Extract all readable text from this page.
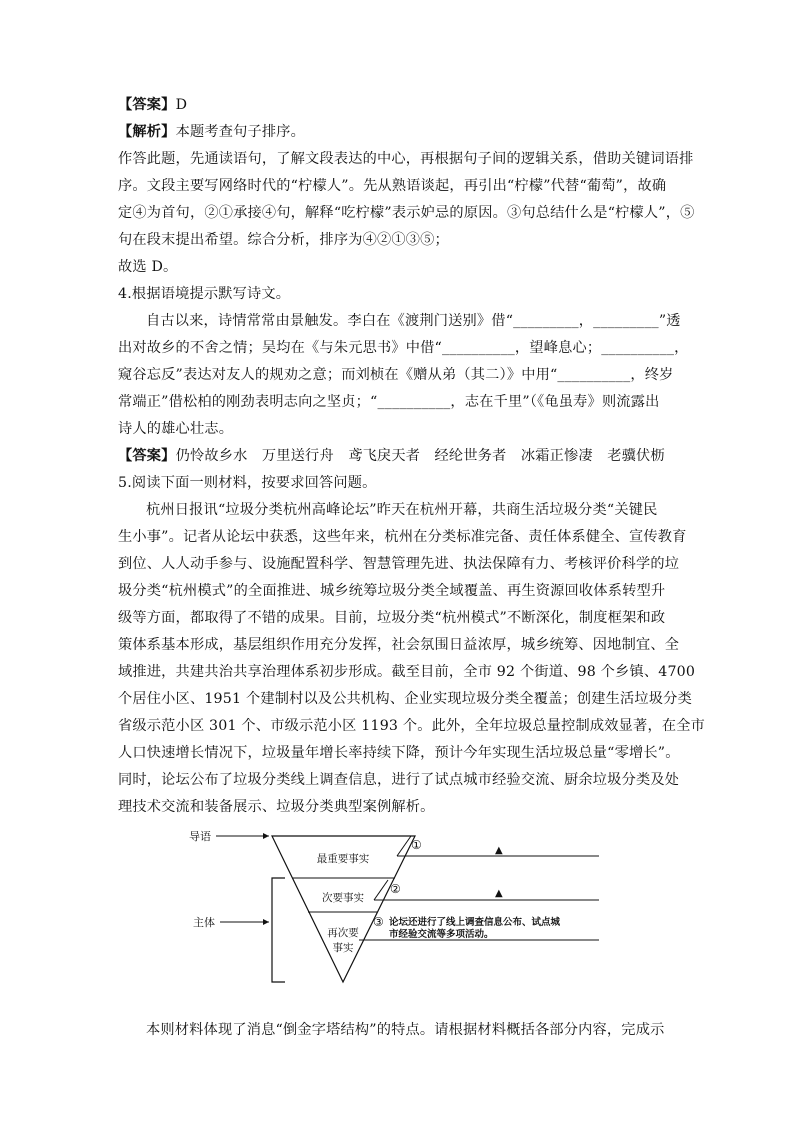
【答案】D
【解析】本题考查句子排序。
作答此题，先通读语句，了解文段表达的中心，再根据句子间的逻辑关系，借助关键词语排
序。文段主要写网络时代的“柠檬人”。先从熟语谈起，再引出“柠檬”代替“葡萄”，故确
定④为首句，②①承接④句，解释“吃柠檬”表示妒忌的原因。③句总结什么是“柠檬人”，⑤
句在段末提出希望。综合分析，排序为④②①③⑤；
故选 D。
4.根据语境提示默写诗文。
自古以来，诗情常常由景触发。李白在《渡荆门送别》借“_________，_________”透
出对故乡的不舍之情；吴均在《与朱元思书》中借“__________，望峰息心；__________，
窥谷忘反”表达对友人的规劝之意；而刘桢在《赠从弟（其二）》中用“__________，终岁
常端正”借松柏的刚劲表明志向之坚贞；“__________，志在千里”（《龟虽寿》则流露出
诗人的雄心壮志。
【答案】仍怜故乡水　万里送行舟　鸢飞戾天者　经纶世务者　冰霜正惨凄　老骥伏枥
5.阅读下面一则材料，按要求回答问题。
杭州日报讯“垃圾分类杭州高峰论坛”昨天在杭州开幕，共商生活垃圾分类“关键民
生小事”。记者从论坛中获悉，这些年来，杭州在分类标准完备、责任体系健全、宣传教育
到位、人人动手参与、设施配置科学、智慧管理先进、执法保障有力、考核评价科学的垃
圾分类“杭州模式”的全面推进、城乡统筹垃圾分类全域覆盖、再生资源回收体系转型升
级等方面，都取得了不错的成果。目前，垃圾分类“杭州模式”不断深化，制度框架和政
策体系基本形成，基层组织作用充分发挥，社会氛围日益浓厚，城乡统筹、因地制宜、全
域推进，共建共治共享治理体系初步形成。截至目前，全市 92 个街道、98 个乡镇、4700
个居住小区、1951 个建制村以及公共机构、企业实现垃圾分类全覆盖；创建生活垃圾分类
省级示范小区 301 个、市级示范小区 1193 个。此外，全年垃圾总量控制成效显著，在全市
人口快速增长情况下，垃圾量年增长率持续下降，预计今年实现生活垃圾总量“零增长”。
同时，论坛公布了垃圾分类线上调查信息，进行了试点城市经验交流、厨余垃圾分类及处
理技术交流和装备展示、垃圾分类典型案例解析。
导语
主体
最重要事实
次要事实
再次要
事实
①	▲
②	▲
③ 论坛还进行了线上调查信息公布、试点城
市经验交流等多项活动。
本则材料体现了消息“倒金字塔结构”的特点。请根据材料概括各部分内容，完成示
